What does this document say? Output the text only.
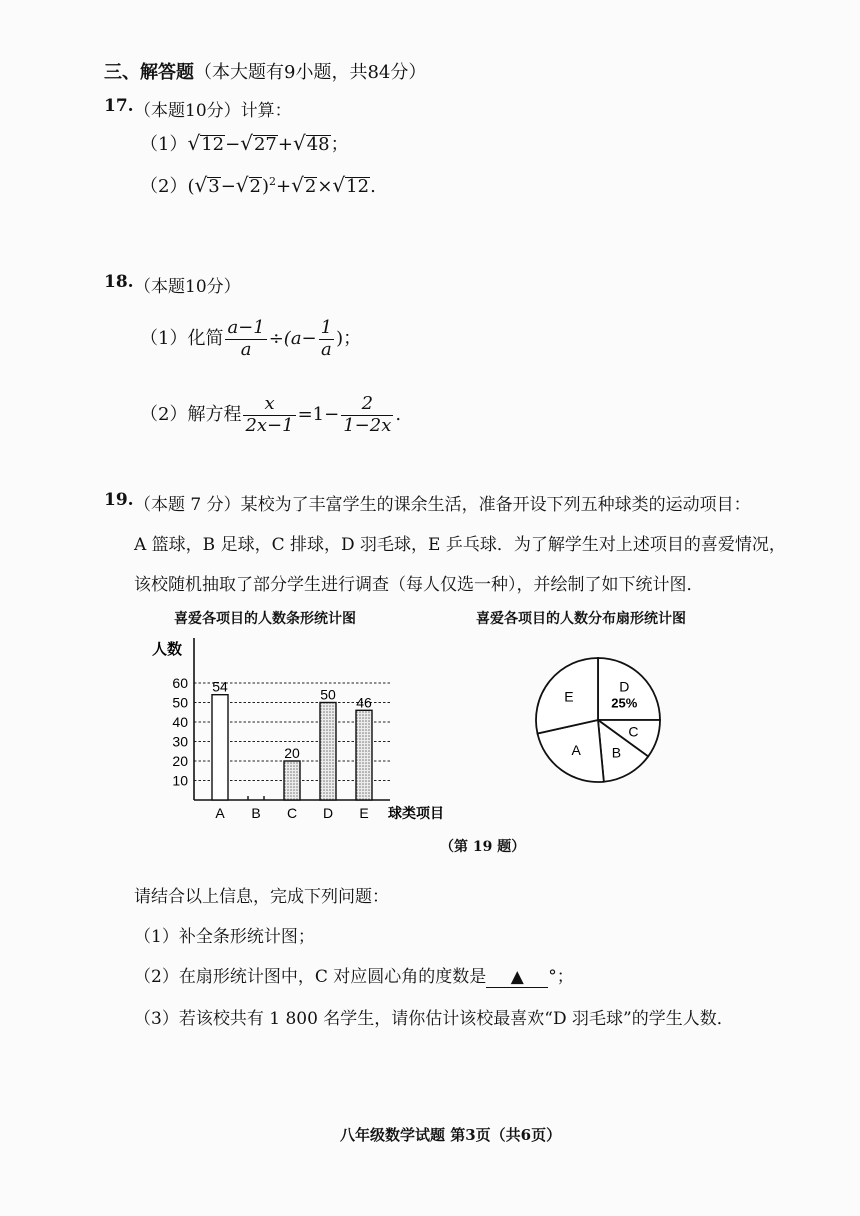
三、解答题（本大题有9小题，共84分）
17. （本题10分）计算：
（1）√12−√27+√48；
$(2)(√3-√2)^2+√2\times√12$.
18. （本题10分）
（1）化简 $\frac{a-1}{a} \div(a- \frac{1}{a}$ )；
（2）解方程 $\frac{x}{2x-1} =1- \frac{2}{1-2x}$ .
19. （本题 7 分）某校为了丰富学生的课余生活，准备开设下列五种球类的运动项目：
A 篮球，B 足球，C 排球，D 羽毛球，E 乒乓球．为了解学生对上述项目的喜爱情况，
该校随机抽取了部分学生进行调查（每人仅选一种），并绘制了如下统计图．
喜爱各项目的人数条形统计图	喜爱各项目的人数分布扇形统计图
10
20
30
40
50
60
人数
球类项目
A
54
B C
20
D
50
E
46
D
25%
C
B
A
E
（第 19 题）
请结合以上信息，完成下列问题：
（1）补全条形统计图；
（2）在扇形统计图中，C 对应圆心角的度数是 ▲ °；
（3）若该校共有 1 800 名学生，请你估计该校最喜欢“D 羽毛球”的学生人数．
八年级数学试题 第3页（共6页）
